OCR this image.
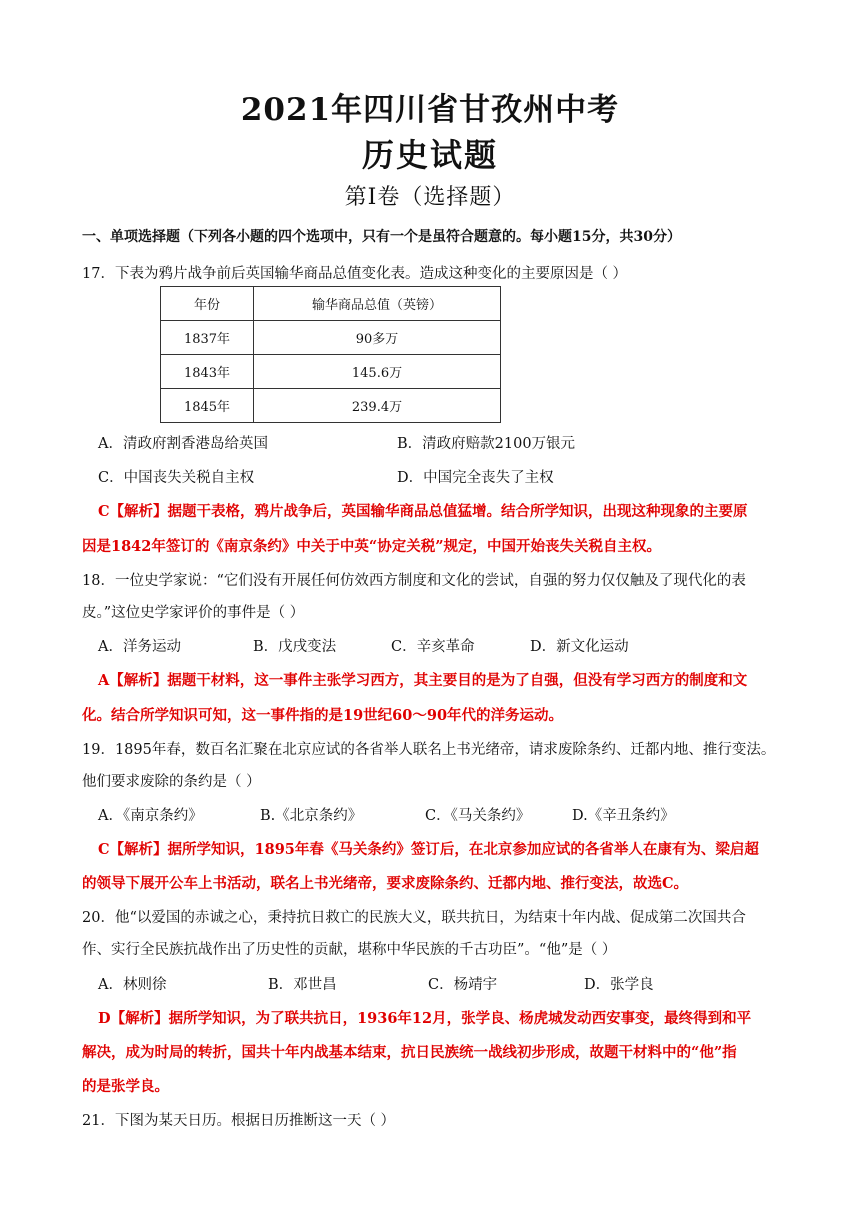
2021年四川省甘孜州中考
历史试题
第Ⅰ卷（选择题）
一、单项选择题（下列各小题的四个选项中，只有一个是虽符合题意的。每小题15分，共30分）
17．下表为鸦片战争前后英国输华商品总值变化表。造成这种变化的主要原因是（ ）
年份	输华商品总值（英镑）
1837年	90多万
1843年	145.6万
1845年	239.4万
A．清政府割香港岛给英国	B．清政府赔款2100万银元
C．中国丧失关税自主权	D．中国完全丧失了主权
C【解析】据题干表格，鸦片战争后，英国输华商品总值猛增。结合所学知识，出现这种现象的主要原
因是1842年签订的《南京条约》中关于中英“协定关税”规定，中国开始丧失关税自主权。
18．一位史学家说：“它们没有开展任何仿效西方制度和文化的尝试，自强的努力仅仅触及了现代化的表
皮。”这位史学家评价的事件是（ ）
A．洋务运动	B．戊戌变法	C．辛亥革命	D．新文化运动
A【解析】据题干材料，这一事件主张学习西方，其主要目的是为了自强，但没有学习西方的制度和文
化。结合所学知识可知，这一事件指的是19世纪60～90年代的洋务运动。
19．1895年春，数百名汇聚在北京应试的各省举人联名上书光绪帝，请求废除条约、迁都内地、推行变法。
他们要求废除的条约是（ ）
A．《南京条约》	B.《北京条约》	C．《马关条约》	D.《辛丑条约》
C【解析】据所学知识，1895年春《马关条约》签订后，在北京参加应试的各省举人在康有为、梁启超
的领导下展开公车上书活动，联名上书光绪帝，要求废除条约、迁都内地、推行变法，故选C。
20．他“以爱国的赤诚之心，秉持抗日救亡的民族大义，联共抗日，为结束十年内战、促成第二次国共合
作、实行全民族抗战作出了历史性的贡献，堪称中华民族的千古功臣”。“他”是（ ）
A．林则徐	B．邓世昌	C．杨靖宇	D．张学良
D【解析】据所学知识，为了联共抗日，1936年12月，张学良、杨虎城发动西安事变，最终得到和平
解决，成为时局的转折，国共十年内战基本结束，抗日民族统一战线初步形成，故题干材料中的“他”指
的是张学良。
21．下图为某天日历。根据日历推断这一天（ ）
